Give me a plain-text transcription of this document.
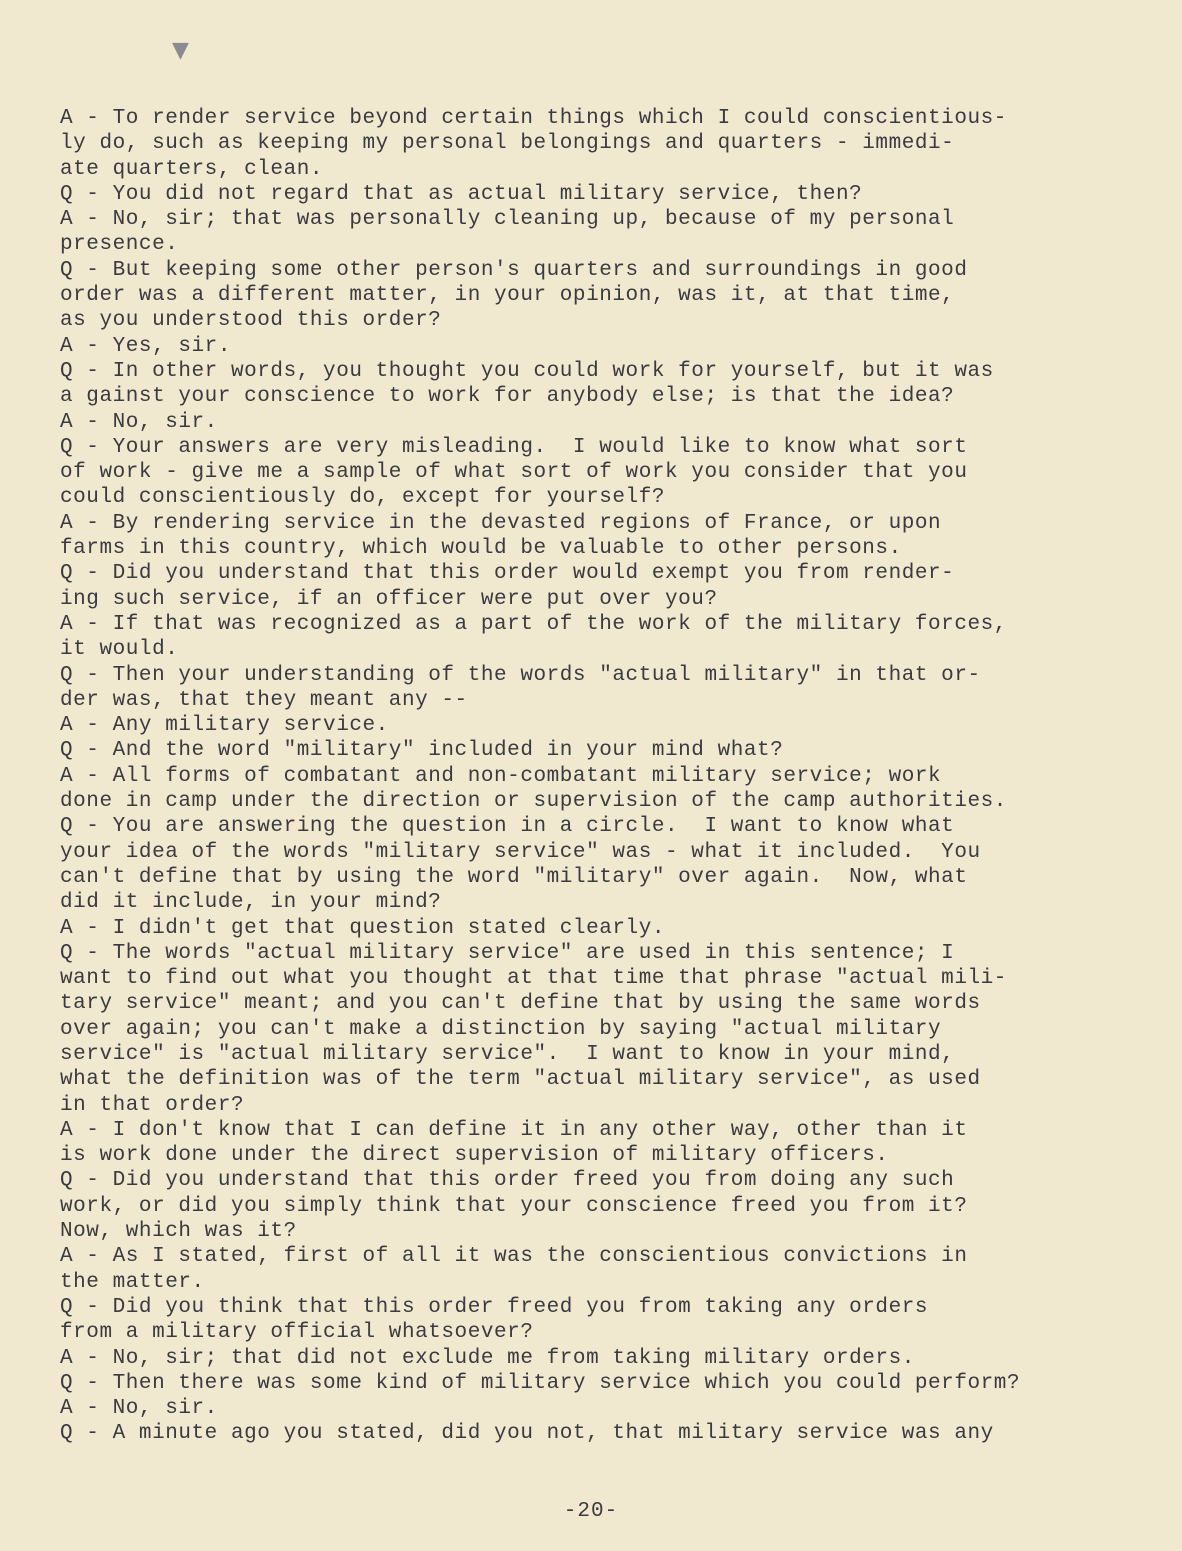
▼
A - To render service beyond certain things which I could conscientious-
ly do, such as keeping my personal belongings and quarters - immedi-
ate quarters, clean.
Q - You did not regard that as actual military service, then?
A - No, sir; that was personally cleaning up, because of my personal
presence.
Q - But keeping some other person's quarters and surroundings in good
order was a different matter, in your opinion, was it, at that time,
as you understood this order?
A - Yes, sir.
Q - In other words, you thought you could work for yourself, but it was
a gainst your conscience to work for anybody else; is that the idea?
A - No, sir.
Q - Your answers are very misleading.  I would like to know what sort
of work - give me a sample of what sort of work you consider that you
could conscientiously do, except for yourself?
A - By rendering service in the devasted regions of France, or upon
farms in this country, which would be valuable to other persons.
Q - Did you understand that this order would exempt you from render-
ing such service, if an officer were put over you?
A - If that was recognized as a part of the work of the military forces,
it would.
Q - Then your understanding of the words "actual military" in that or-
der was, that they meant any --
A - Any military service.
Q - And the word "military" included in your mind what?
A - All forms of combatant and non-combatant military service; work
done in camp under the direction or supervision of the camp authorities.
Q - You are answering the question in a circle.  I want to know what
your idea of the words "military service" was - what it included.  You
can't define that by using the word "military" over again.  Now, what
did it include, in your mind?
A - I didn't get that question stated clearly.
Q - The words "actual military service" are used in this sentence; I
want to find out what you thought at that time that phrase "actual mili-
tary service" meant; and you can't define that by using the same words
over again; you can't make a distinction by saying "actual military
service" is "actual military service".  I want to know in your mind,
what the definition was of the term "actual military service", as used
in that order?
A - I don't know that I can define it in any other way, other than it
is work done under the direct supervision of military officers.
Q - Did you understand that this order freed you from doing any such
work, or did you simply think that your conscience freed you from it?
Now, which was it?
A - As I stated, first of all it was the conscientious convictions in
the matter.
Q - Did you think that this order freed you from taking any orders
from a military official whatsoever?
A - No, sir; that did not exclude me from taking military orders.
Q - Then there was some kind of military service which you could perform?
A - No, sir.
Q - A minute ago you stated, did you not, that military service was any
-20-
